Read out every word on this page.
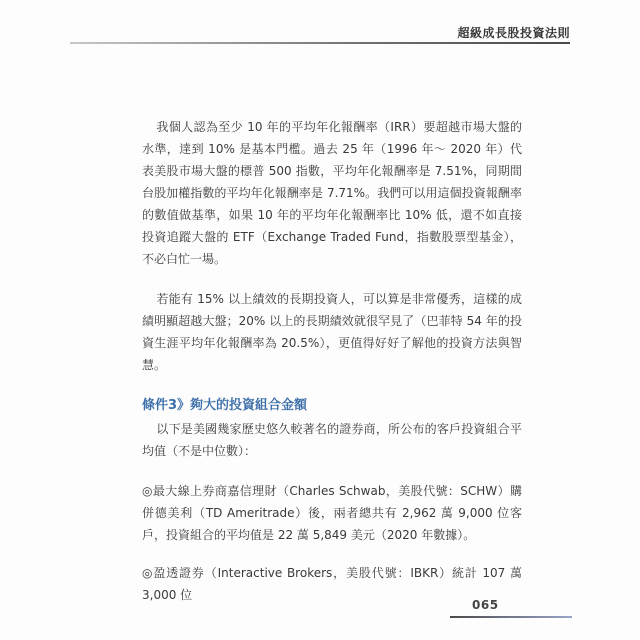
超級成長股投資法則

我個人認為至少 10 年的平均年化報酬率（IRR）要超越市場大盤的水準，達到 10% 是基本門檻。過去 25 年（1996 年～ 2020 年）代表美股市場大盤的標普 500 指數，平均年化報酬率是 7.51%，同期間台股加權指數的平均年化報酬率是 7.71%。我們可以用這個投資報酬率的數值做基準，如果 10 年的平均年化報酬率比 10% 低，還不如直接投資追蹤大盤的 ETF（Exchange Traded Fund，指數股票型基金），不必白忙一場。

若能有 15% 以上績效的長期投資人，可以算是非常優秀，這樣的成績明顯超越大盤；20% 以上的長期績效就很罕見了（巴菲特 54 年的投資生涯平均年化報酬率為 20.5%），更值得好好了解他的投資方法與智慧。

條件3》夠大的投資組合金額

以下是美國幾家歷史悠久較著名的證券商，所公布的客戶投資組合平均值（不是中位數）：

◎最大線上券商嘉信理財（Charles Schwab，美股代號：SCHW）購併德美利（TD Ameritrade）後，兩者總共有 2,962 萬 9,000 位客戶，投資組合的平均值是 22 萬 5,849 美元（2020 年數據）。

◎盈透證券（Interactive Brokers，美股代號：IBKR）統計 107 萬 3,000 位

065
